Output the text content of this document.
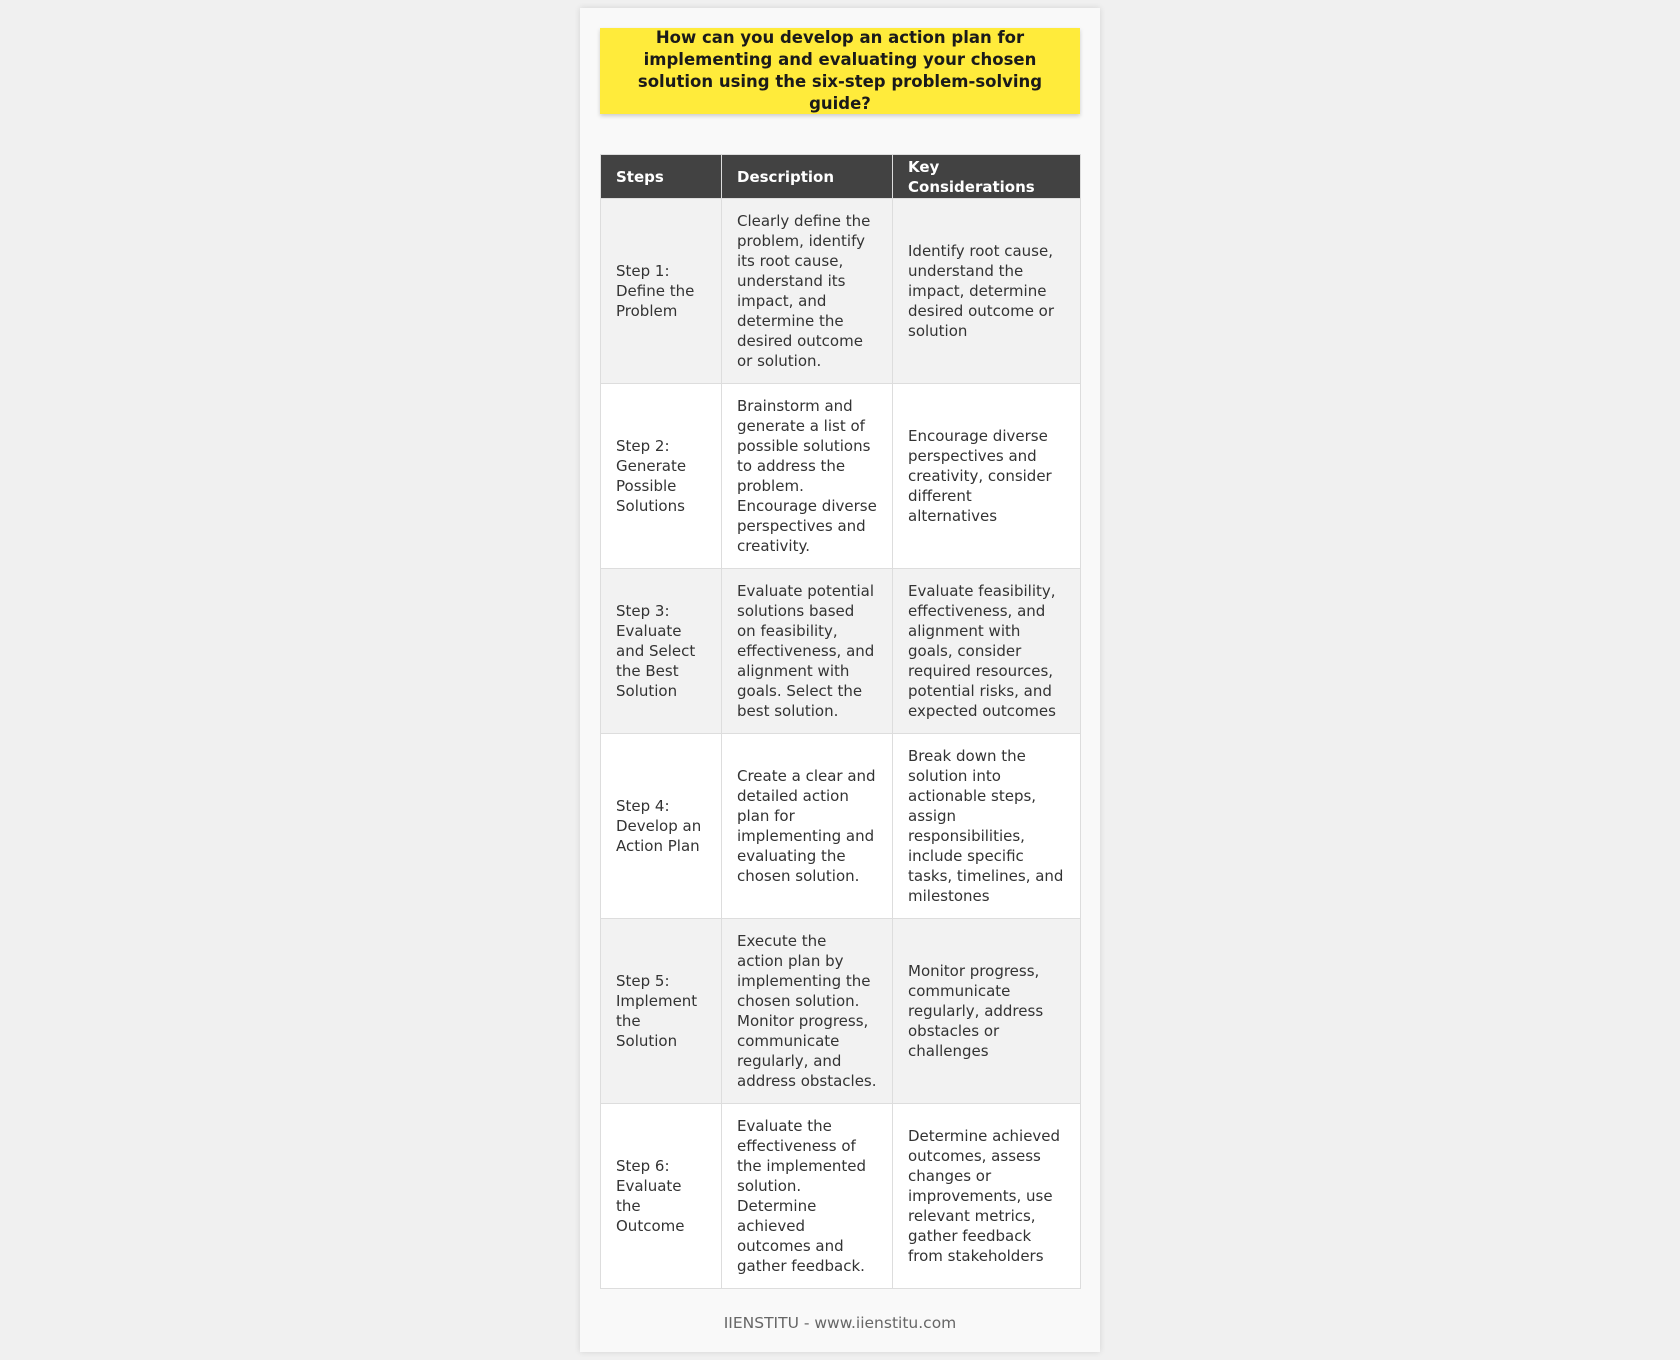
How can you develop an action plan for implementing and evaluating your chosen solution using the six-step problem-solving guide?
Steps	Description	Key Considerations
Step 1: Define the Problem	Clearly define the problem, identify its root cause, understand its impact, and determine the desired outcome or solution.	Identify root cause, understand the impact, determine desired outcome or solution
Step 2: Generate Possible Solutions	Brainstorm and generate a list of possible solutions to address the problem. Encourage diverse perspectives and creativity.	Encourage diverse perspectives and creativity, consider different alternatives
Step 3: Evaluate and Select the Best Solution	Evaluate potential solutions based on feasibility, effectiveness, and alignment with goals. Select the best solution.	Evaluate feasibility, effectiveness, and alignment with goals, consider required resources, potential risks, and expected outcomes
Step 4: Develop an Action Plan	Create a clear and detailed action plan for implementing and evaluating the chosen solution.	Break down the solution into actionable steps, assign responsibilities, include specific tasks, timelines, and milestones
Step 5: Implement the Solution	Execute the action plan by implementing the chosen solution. Monitor progress, communicate regularly, and address obstacles.	Monitor progress, communicate regularly, address obstacles or challenges
Step 6: Evaluate the Outcome	Evaluate the effectiveness of the implemented solution. Determine achieved outcomes and gather feedback.	Determine achieved outcomes, assess changes or improvements, use relevant metrics, gather feedback from stakeholders
IIENSTITU - www.iienstitu.com
